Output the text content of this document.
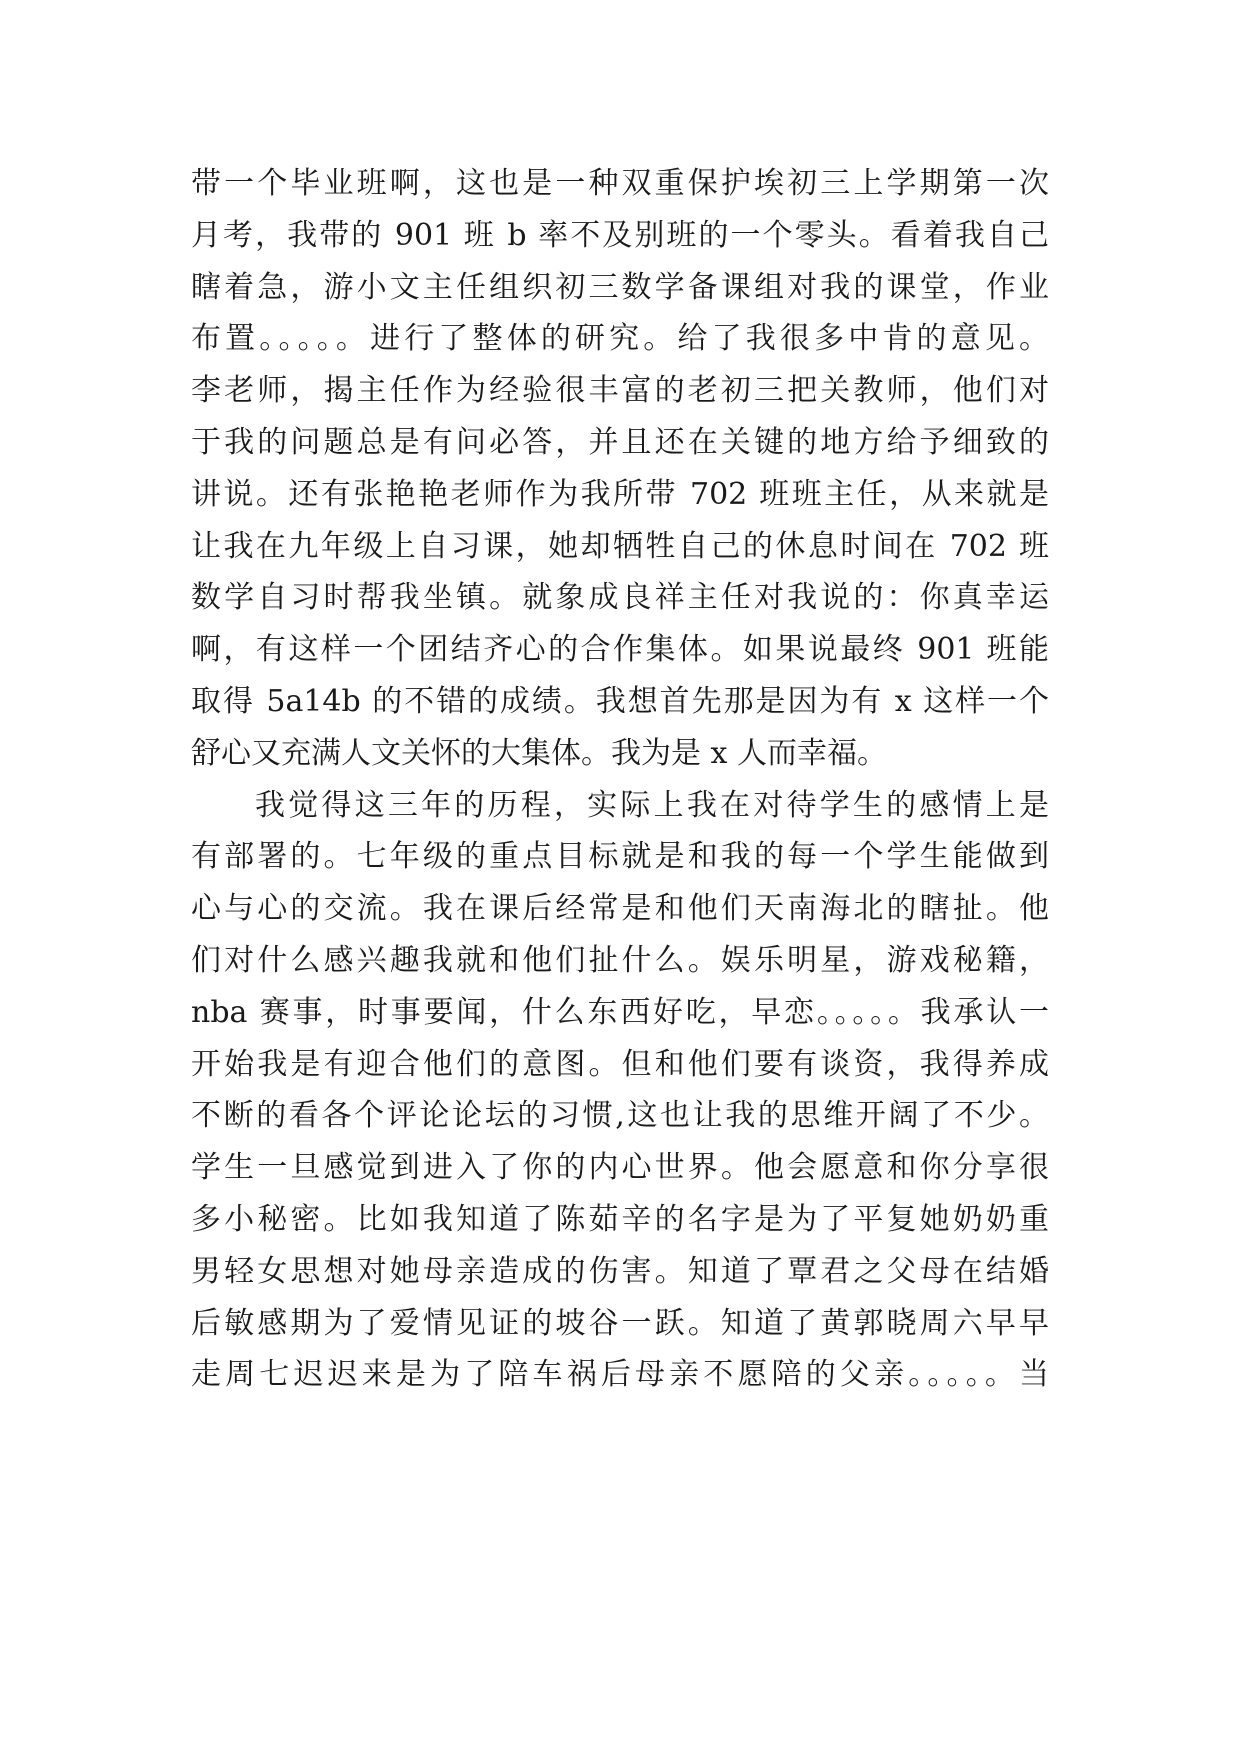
带一个毕业班啊，这也是一种双重保护埃初三上学期第一次
月考，我带的 901 班 b 率不及别班的一个零头。看着我自己
瞎着急，游小文主任组织初三数学备课组对我的课堂，作业
布置。。。。。进行了整体的研究。给了我很多中肯的意见。
李老师，揭主任作为经验很丰富的老初三把关教师，他们对
于我的问题总是有问必答，并且还在关键的地方给予细致的
讲说。还有张艳艳老师作为我所带 702 班班主任，从来就是
让我在九年级上自习课，她却牺牲自己的休息时间在 702 班
数学自习时帮我坐镇。就象成良祥主任对我说的：你真幸运
啊，有这样一个团结齐心的合作集体。如果说最终 901 班能
取得 5a14b 的不错的成绩。我想首先那是因为有 x 这样一个
舒心又充满人文关怀的大集体。我为是 x 人而幸福。
我觉得这三年的历程，实际上我在对待学生的感情上是
有部署的。七年级的重点目标就是和我的每一个学生能做到
心与心的交流。我在课后经常是和他们天南海北的瞎扯。他
们对什么感兴趣我就和他们扯什么。娱乐明星，游戏秘籍，
nba 赛事，时事要闻，什么东西好吃，早恋。。。。。我承认一
开始我是有迎合他们的意图。但和他们要有谈资，我得养成
不断的看各个评论论坛的习惯,这也让我的思维开阔了不少。
学生一旦感觉到进入了你的内心世界。他会愿意和你分享很
多小秘密。比如我知道了陈茹辛的名字是为了平复她奶奶重
男轻女思想对她母亲造成的伤害。知道了覃君之父母在结婚
后敏感期为了爱情见证的坡谷一跃。知道了黄郭晓周六早早
走周七迟迟来是为了陪车祸后母亲不愿陪的父亲。。。。。当
